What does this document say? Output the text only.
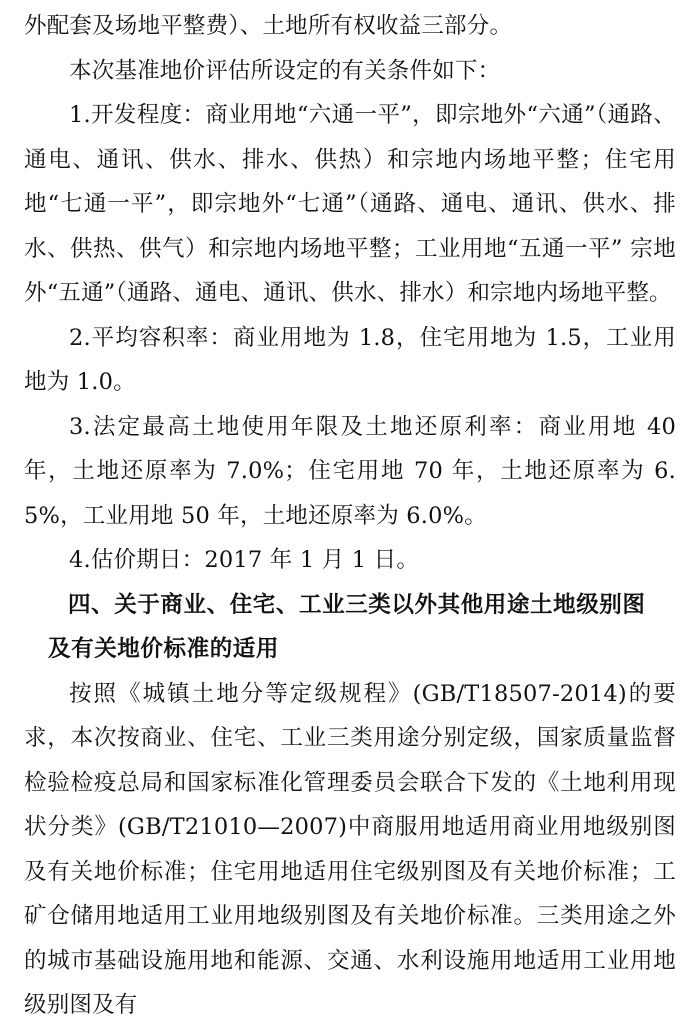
外配套及场地平整费）、土地所有权收益三部分。

本次基准地价评估所设定的有关条件如下：

1.开发程度：商业用地“六通一平”，即宗地外“六通”（通路、通电、通讯、供水、排水、供热）和宗地内场地平整；住宅用地“七通一平”，即宗地外“七通”（通路、通电、通讯、供水、排水、供热、供气）和宗地内场地平整；工业用地“五通一平” 宗地外“五通”（通路、通电、通讯、供水、排水）和宗地内场地平整。

2.平均容积率：商业用地为 1.8，住宅用地为 1.5，工业用地为 1.0。

3.法定最高土地使用年限及土地还原利率：商业用地 40 年，土地还原率为 7.0%；住宅用地 70 年，土地还原率为 6.5%，工业用地 50 年，土地还原率为 6.0%。

4.估价期日：2017 年 1 月 1 日。

四、关于商业、住宅、工业三类以外其他用途土地级别图
及有关地价标准的适用

按照《城镇土地分等定级规程》(GB/T18507-2014)的要求，本次按商业、住宅、工业三类用途分别定级，国家质量监督检验检疫总局和国家标准化管理委员会联合下发的《土地利用现状分类》(GB/T21010—2007)中商服用地适用商业用地级别图及有关地价标准；住宅用地适用住宅级别图及有关地价标准；工矿仓储用地适用工业用地级别图及有关地价标准。三类用途之外的城市基础设施用地和能源、交通、水利设施用地适用工业用地级别图及有
